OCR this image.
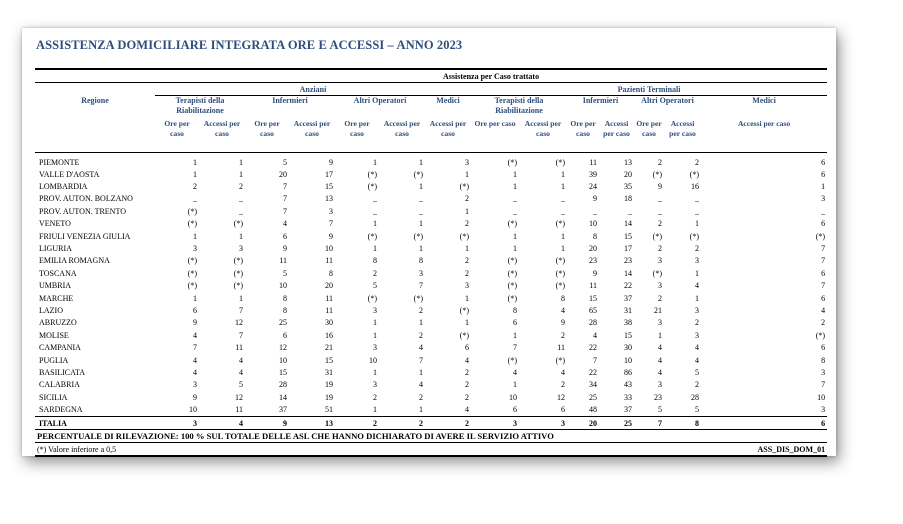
ASSISTENZA DOMICILIARE INTEGRATA ORE E ACCESSI – ANNO 2023
	Assistenza per Caso trattato													
	Anziani							Pazienti Terminali						
Regione	Terapisti della Riabilitazione		Infermieri		Altri Operatori		Medici	Terapisti della Riabilitazione		Infermieri		Altri Operatori		Medici
	Ore per caso	Accessi per caso	Ore per caso	Accessi per caso	Ore per caso	Accessi per caso	Accessi per caso	Ore per caso	Accessi per caso	Ore per caso	Accessi per caso	Ore per caso	Accessi per caso	Accessi per caso
PIEMONTE	1	1	5	9	1	1	3	(*)	(*)	11	13	2	2	6
VALLE D'AOSTA	1	1	20	17	(*)	(*)	1	1	1	39	20	(*)	(*)	6
LOMBARDIA	2	2	7	15	(*)	1	(*)	1	1	24	35	9	16	1
PROV. AUTON. BOLZANO	_	_	7	13	_	_	2	_	_	9	18	_	_	3
PROV. AUTON. TRENTO	(*)	_	7	3	_	_	1	_	_	_	_	_	_	_
VENETO	(*)	(*)	4	7	1	1	2	(*)	(*)	10	14	2	1	6
FRIULI VENEZIA GIULIA	1	1	6	9	(*)	(*)	(*)	1	1	8	15	(*)	(*)	(*)
LIGURIA	3	3	9	10	1	1	1	1	1	20	17	2	2	7
EMILIA ROMAGNA	(*)	(*)	11	11	8	8	2	(*)	(*)	23	23	3	3	7
TOSCANA	(*)	(*)	5	8	2	3	2	(*)	(*)	9	14	(*)	1	6
UMBRIA	(*)	(*)	10	20	5	7	3	(*)	(*)	11	22	3	4	7
MARCHE	1	1	8	11	(*)	(*)	1	(*)	8	15	37	2	1	6
LAZIO	6	7	8	11	3	2	(*)	8	4	65	31	21	3	4
ABRUZZO	9	12	25	30	1	1	1	6	9	28	38	3	2	2
MOLISE	4	7	6	16	1	2	(*)	1	2	4	15	1	3	(*)
CAMPANIA	7	11	12	21	3	4	6	7	11	22	30	4	4	6
PUGLIA	4	4	10	15	10	7	4	(*)	(*)	7	10	4	4	8
BASILICATA	4	4	15	31	1	1	2	4	4	22	86	4	5	3
CALABRIA	3	5	28	19	3	4	2	1	2	34	43	3	2	7
SICILIA	9	12	14	19	2	2	2	10	12	25	33	23	28	10
SARDEGNA	10	11	37	51	1	1	4	6	6	48	37	5	5	3
ITALIA	3	4	9	13	2	2	2	3	3	20	25	7	8	6
PERCENTUALE DI RILEVAZIONE: 100 % SUL TOTALE DELLE ASL CHE HANNO DICHIARATO DI AVERE IL SERVIZIO ATTIVO														
(*) Valore inferiore a 0,5													ASS_DIS_DOM_01	
